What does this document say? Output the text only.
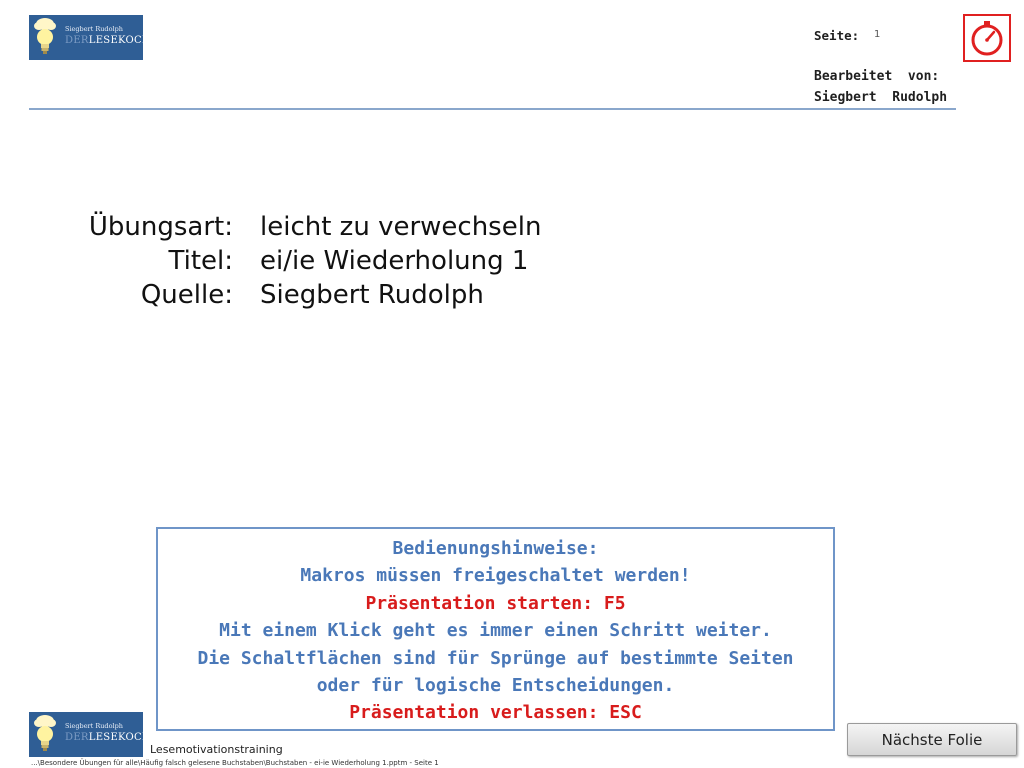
Siegbert Rudolph
DERLESEKOCH	Seite: 1
Bearbeitet  von:
Siegbert  Rudolph
Übungsart:	leicht zu verwechseln
Titel:	ei/ie Wiederholung 1
Quelle:	Siegbert Rudolph
Bedienungshinweise:
Makros müssen freigeschaltet werden!
Präsentation starten: F5
Mit einem Klick geht es immer einen Schritt weiter.
Die Schaltflächen sind für Sprünge auf bestimmte Seiten
oder für logische Entscheidungen.
Präsentation verlassen: ESC
Siegbert Rudolph
DERLESEKOCH
Lesemotivationstraining
...\Besondere Übungen für alle\Häufig falsch gelesene Buchstaben\Buchstaben - ei-ie Wiederholung 1.pptm - Seite 1
Nächste Folie
